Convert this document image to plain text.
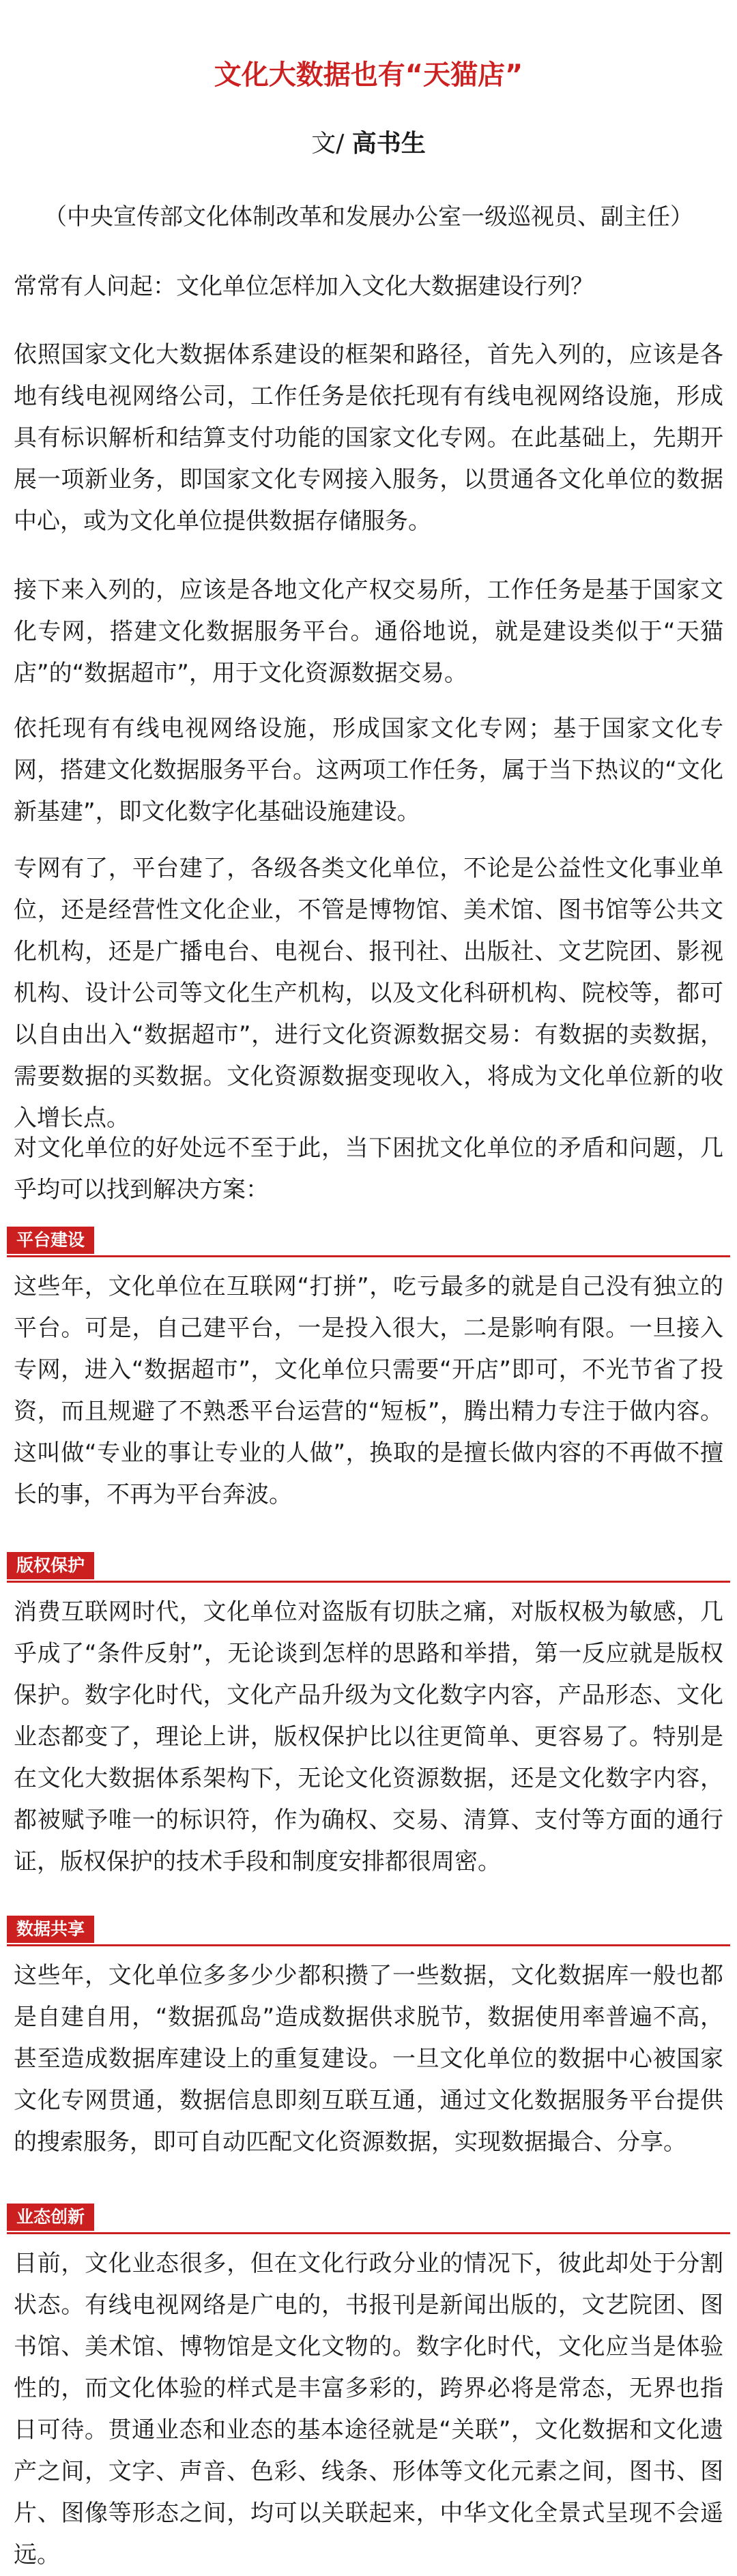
文化大数据也有“天猫店”

文/ 高书生

（中央宣传部文化体制改革和发展办公室一级巡视员、副主任）

常常有人问起：文化单位怎样加入文化大数据建设行列？

依照国家文化大数据体系建设的框架和路径，首先入列的，应该是各地有线电视网络公司，工作任务是依托现有有线电视网络设施，形成具有标识解析和结算支付功能的国家文化专网。在此基础上，先期开展一项新业务，即国家文化专网接入服务，以贯通各文化单位的数据中心，或为文化单位提供数据存储服务。

接下来入列的，应该是各地文化产权交易所，工作任务是基于国家文化专网，搭建文化数据服务平台。通俗地说，就是建设类似于“天猫店”的“数据超市”，用于文化资源数据交易。

依托现有有线电视网络设施，形成国家文化专网；基于国家文化专网，搭建文化数据服务平台。这两项工作任务，属于当下热议的“文化新基建”，即文化数字化基础设施建设。

专网有了，平台建了，各级各类文化单位，不论是公益性文化事业单位，还是经营性文化企业，不管是博物馆、美术馆、图书馆等公共文化机构，还是广播电台、电视台、报刊社、出版社、文艺院团、影视机构、设计公司等文化生产机构，以及文化科研机构、院校等，都可以自由出入“数据超市”，进行文化资源数据交易：有数据的卖数据，需要数据的买数据。文化资源数据变现收入，将成为文化单位新的收入增长点。

对文化单位的好处远不至于此，当下困扰文化单位的矛盾和问题，几乎均可以找到解决方案：

平台建设

这些年，文化单位在互联网“打拼”，吃亏最多的就是自己没有独立的平台。可是，自己建平台，一是投入很大，二是影响有限。一旦接入专网，进入“数据超市”，文化单位只需要“开店”即可，不光节省了投资，而且规避了不熟悉平台运营的“短板”，腾出精力专注于做内容。这叫做“专业的事让专业的人做”，换取的是擅长做内容的不再做不擅长的事，不再为平台奔波。

版权保护

消费互联网时代，文化单位对盗版有切肤之痛，对版权极为敏感，几乎成了“条件反射”，无论谈到怎样的思路和举措，第一反应就是版权保护。数字化时代，文化产品升级为文化数字内容，产品形态、文化业态都变了，理论上讲，版权保护比以往更简单、更容易了。特别是在文化大数据体系架构下，无论文化资源数据，还是文化数字内容，都被赋予唯一的标识符，作为确权、交易、清算、支付等方面的通行证，版权保护的技术手段和制度安排都很周密。

数据共享

这些年，文化单位多多少少都积攒了一些数据，文化数据库一般也都是自建自用，“数据孤岛”造成数据供求脱节，数据使用率普遍不高，甚至造成数据库建设上的重复建设。一旦文化单位的数据中心被国家文化专网贯通，数据信息即刻互联互通，通过文化数据服务平台提供的搜索服务，即可自动匹配文化资源数据，实现数据撮合、分享。

业态创新

目前，文化业态很多，但在文化行政分业的情况下，彼此却处于分割状态。有线电视网络是广电的，书报刊是新闻出版的，文艺院团、图书馆、美术馆、博物馆是文化文物的。数字化时代，文化应当是体验性的，而文化体验的样式是丰富多彩的，跨界必将是常态，无界也指日可待。贯通业态和业态的基本途径就是“关联”，文化数据和文化遗产之间，文字、声音、色彩、线条、形体等文化元素之间，图书、图片、图像等形态之间，均可以关联起来，中华文化全景式呈现不会遥远。
